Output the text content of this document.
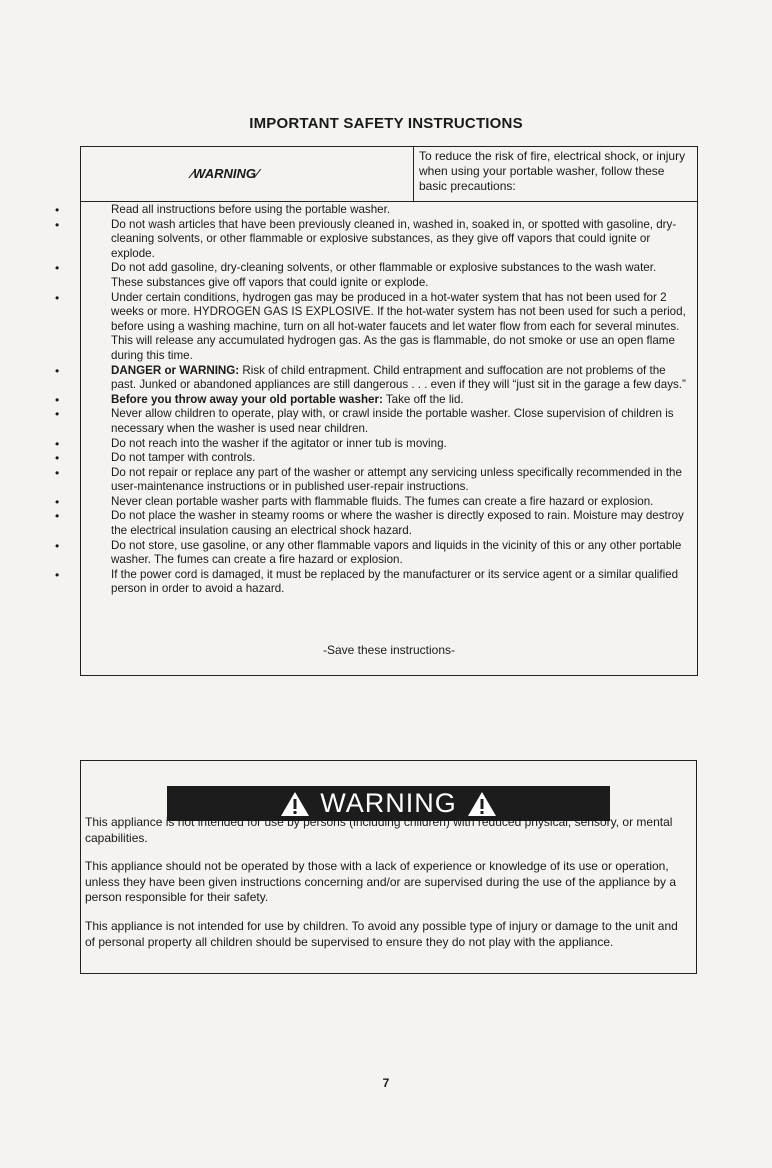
IMPORTANT SAFETY INSTRUCTIONS
⁄WARNING⁄
To reduce the risk of fire, electrical shock, or injury when using your portable washer, follow these basic precautions:
• Read all instructions before using the portable washer.
• Do not wash articles that have been previously cleaned in, washed in, soaked in, or spotted with gasoline, dry-cleaning solvents, or other flammable or explosive substances, as they give off vapors that could ignite or explode.
• Do not add gasoline, dry-cleaning solvents, or other flammable or explosive substances to the wash water. These substances give off vapors that could ignite or explode.
• Under certain conditions, hydrogen gas may be produced in a hot-water system that has not been used for 2 weeks or more. HYDROGEN GAS IS EXPLOSIVE. If the hot-water system has not been used for such a period, before using a washing machine, turn on all hot-water faucets and let water flow from each for several minutes. This will release any accumulated hydrogen gas. As the gas is flammable, do not smoke or use an open flame during this time.
• DANGER or WARNING: Risk of child entrapment. Child entrapment and suffocation are not problems of the past. Junked or abandoned appliances are still dangerous . . . even if they will “just sit in the garage a few days.”
• Before you throw away your old portable washer: Take off the lid.
• Never allow children to operate, play with, or crawl inside the portable washer. Close supervision of children is necessary when the washer is used near children.
• Do not reach into the washer if the agitator or inner tub is moving.
• Do not tamper with controls.
• Do not repair or replace any part of the washer or attempt any servicing unless specifically recommended in the user-maintenance instructions or in published user-repair instructions.
• Never clean portable washer parts with flammable fluids. The fumes can create a fire hazard or explosion.
• Do not place the washer in steamy rooms or where the washer is directly exposed to rain. Moisture may destroy the electrical insulation causing an electrical shock hazard.
• Do not store, use gasoline, or any other flammable vapors and liquids in the vicinity of this or any other portable washer. The fumes can create a fire hazard or explosion.
• If the power cord is damaged, it must be replaced by the manufacturer or its service agent or a similar qualified person in order to avoid a hazard.
-Save these instructions-
WARNING

This appliance is not intended for use by persons (including children) with reduced physical, sensory, or mental capabilities.

This appliance should not be operated by those with a lack of experience or knowledge of its use or operation, unless they have been given instructions concerning and/or are supervised during the use of the appliance by a person responsible for their safety.

This appliance is not intended for use by children. To avoid any possible type of injury or damage to the unit and of personal property all children should be supervised to ensure they do not play with the appliance.

7
